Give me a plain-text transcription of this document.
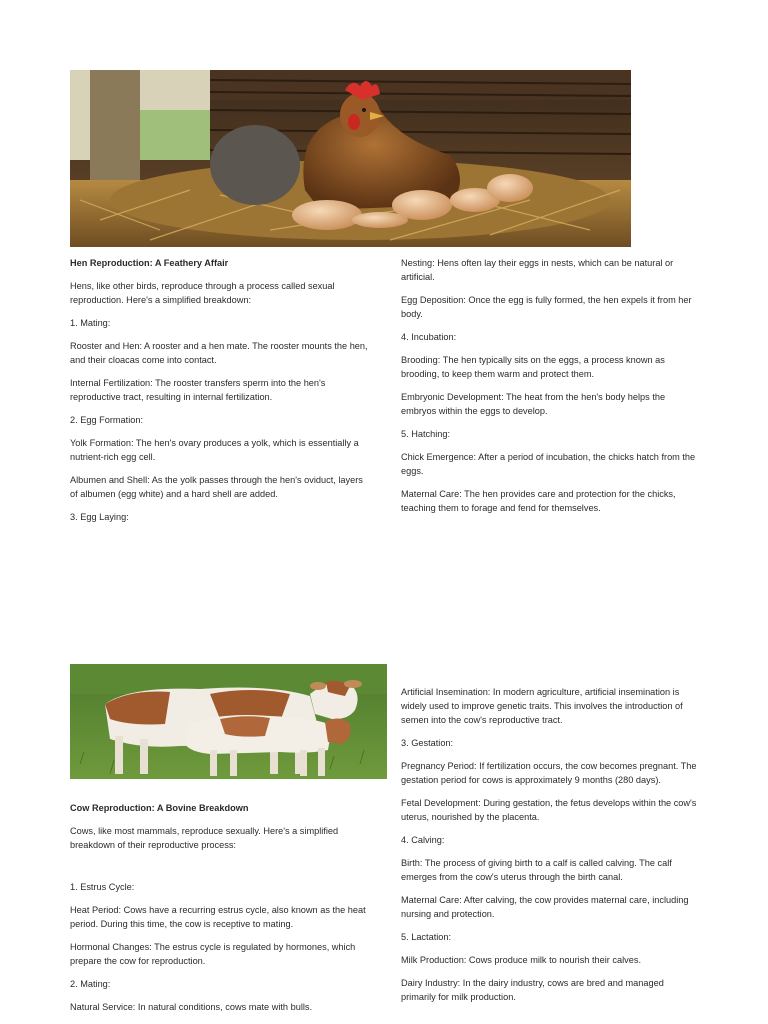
Hen Reproduction: A Feathery Affair

Hens, like other birds, reproduce through a process called sexual reproduction. Here's a simplified breakdown:

1. Mating:

Rooster and Hen: A rooster and a hen mate. The rooster mounts the hen, and their cloacas come into contact.

Internal Fertilization: The rooster transfers sperm into the hen's reproductive tract, resulting in internal fertilization.

2. Egg Formation:

Yolk Formation: The hen's ovary produces a yolk, which is essentially a nutrient-rich egg cell.

Albumen and Shell: As the yolk passes through the hen's oviduct, layers of albumen (egg white) and a hard shell are added.

3. Egg Laying:

Nesting: Hens often lay their eggs in nests, which can be natural or artificial.

Egg Deposition: Once the egg is fully formed, the hen expels it from her body.

4. Incubation:

Brooding: The hen typically sits on the eggs, a process known as brooding, to keep them warm and protect them.

Embryonic Development: The heat from the hen's body helps the embryos within the eggs to develop.

5. Hatching:

Chick Emergence: After a period of incubation, the chicks hatch from the eggs.

Maternal Care: The hen provides care and protection for the chicks, teaching them to forage and fend for themselves.

Cow Reproduction: A Bovine Breakdown

Cows, like most mammals, reproduce sexually. Here's a simplified breakdown of their reproductive process:

1. Estrus Cycle:

Heat Period: Cows have a recurring estrus cycle, also known as the heat period. During this time, the cow is receptive to mating.

Hormonal Changes: The estrus cycle is regulated by hormones, which prepare the cow for reproduction.

2. Mating:

Natural Service: In natural conditions, cows mate with bulls.

Artificial Insemination: In modern agriculture, artificial insemination is widely used to improve genetic traits. This involves the introduction of semen into the cow's reproductive tract.

3. Gestation:

Pregnancy Period: If fertilization occurs, the cow becomes pregnant. The gestation period for cows is approximately 9 months (280 days).

Fetal Development: During gestation, the fetus develops within the cow's uterus, nourished by the placenta.

4. Calving:

Birth: The process of giving birth to a calf is called calving. The calf emerges from the cow's uterus through the birth canal.

Maternal Care: After calving, the cow provides maternal care, including nursing and protection.

5. Lactation:

Milk Production: Cows produce milk to nourish their calves.

Dairy Industry: In the dairy industry, cows are bred and managed primarily for milk production.
